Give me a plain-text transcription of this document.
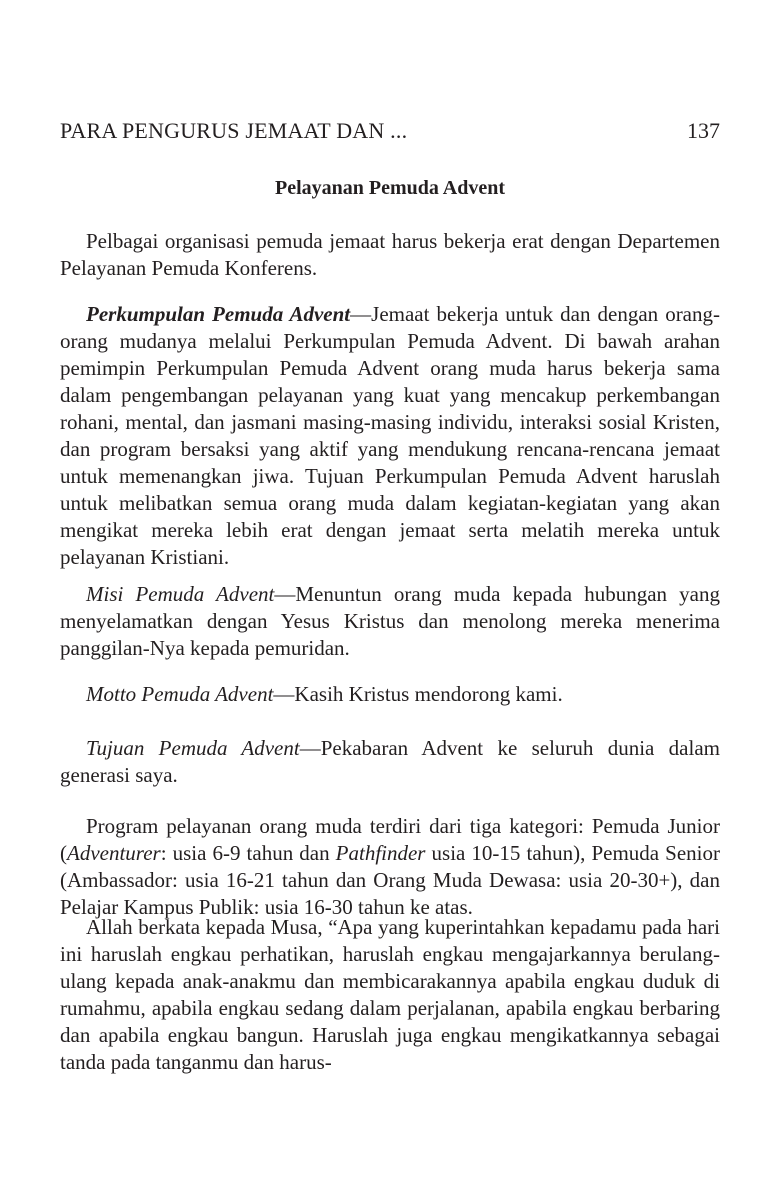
PARA PENGURUS JEMAAT DAN ...	137
Pelayanan Pemuda Advent

Pelbagai organisasi pemuda jemaat harus bekerja erat dengan Departemen Pelayanan Pemuda Konferens.

Perkumpulan Pemuda Advent—Jemaat bekerja untuk dan dengan orang-orang mudanya melalui Perkumpulan Pemuda Advent. Di bawah arahan pemimpin Perkumpulan Pemuda Advent orang muda harus bekerja sama dalam pengembangan pelayanan yang kuat yang mencakup perkembangan rohani, mental, dan jasmani masing-masing individu, interaksi sosial Kristen, dan program bersaksi yang aktif yang mendukung rencana-rencana jemaat untuk memenangkan jiwa. Tujuan Perkumpulan Pemuda Advent haruslah untuk melibatkan semua orang muda dalam kegiatan-kegiatan yang akan mengikat mereka lebih erat dengan jemaat serta melatih mereka untuk pelayanan Kristiani.

Misi Pemuda Advent—Menuntun orang muda kepada hubungan yang menyelamatkan dengan Yesus Kristus dan menolong mereka menerima panggilan-Nya kepada pemuridan.

Motto Pemuda Advent—Kasih Kristus mendorong kami.

Tujuan Pemuda Advent—Pekabaran Advent ke seluruh dunia dalam generasi saya.

Program pelayanan orang muda terdiri dari tiga kategori: Pemuda Junior (Adventurer: usia 6-9 tahun dan Pathfinder usia 10-15 tahun), Pemuda Senior (Ambassador: usia 16-21 tahun dan Orang Muda Dewasa: usia 20-30+), dan Pelajar Kampus Publik: usia 16-30 tahun ke atas.

Allah berkata kepada Musa, “Apa yang kuperintahkan kepadamu pada hari ini haruslah engkau perhatikan, haruslah engkau mengajarkannya berulang-ulang kepada anak-anakmu dan membicarakannya apabila engkau duduk di rumahmu, apabila engkau sedang dalam perjalanan, apabila engkau berbaring dan apabila engkau bangun. Haruslah juga engkau mengikatkannya sebagai tanda pada tanganmu dan harus-
